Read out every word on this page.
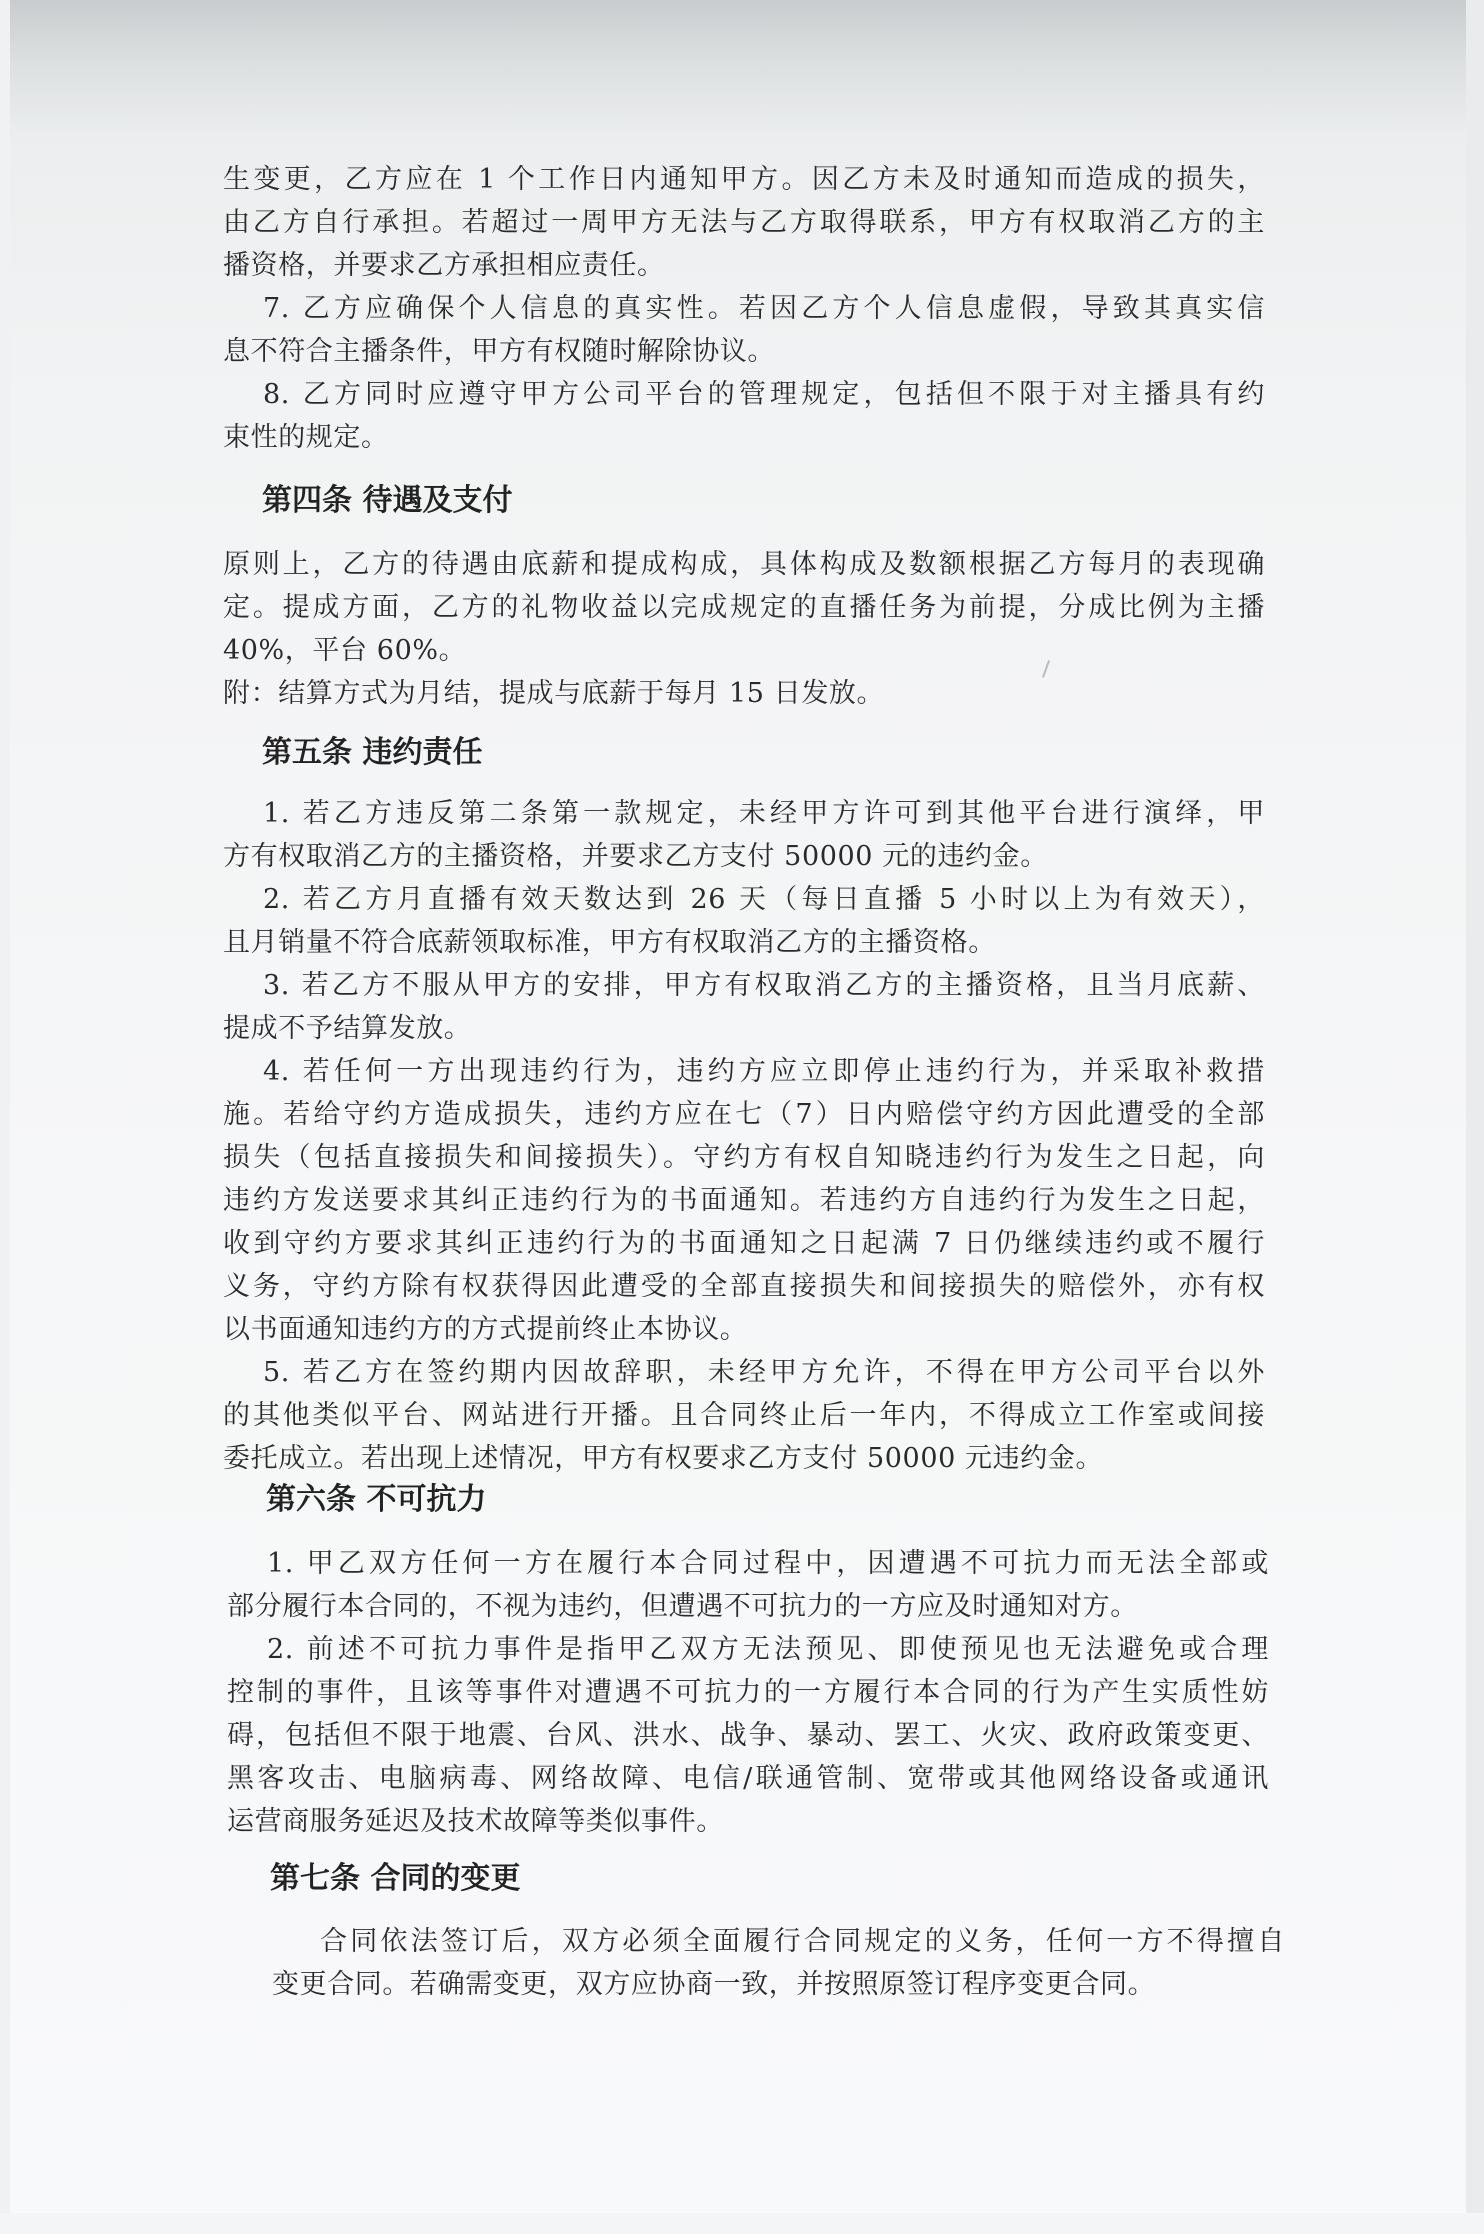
生变更，乙方应在 1 个工作日内通知甲方。因乙方未及时通知而造成的损失，
由乙方自行承担。若超过一周甲方无法与乙方取得联系，甲方有权取消乙方的主
播资格，并要求乙方承担相应责任。
7. 乙方应确保个人信息的真实性。若因乙方个人信息虚假，导致其真实信
息不符合主播条件，甲方有权随时解除协议。
8. 乙方同时应遵守甲方公司平台的管理规定，包括但不限于对主播具有约
束性的规定。
第四条 待遇及支付
原则上，乙方的待遇由底薪和提成构成，具体构成及数额根据乙方每月的表现确
定。提成方面，乙方的礼物收益以完成规定的直播任务为前提，分成比例为主播
40%，平台 60%。
附：结算方式为月结，提成与底薪于每月 15 日发放。
第五条 违约责任
1. 若乙方违反第二条第一款规定，未经甲方许可到其他平台进行演绎，甲
方有权取消乙方的主播资格，并要求乙方支付 50000 元的违约金。
2. 若乙方月直播有效天数达到 26 天（每日直播 5 小时以上为有效天），
且月销量不符合底薪领取标准，甲方有权取消乙方的主播资格。
3. 若乙方不服从甲方的安排，甲方有权取消乙方的主播资格，且当月底薪、
提成不予结算发放。
4. 若任何一方出现违约行为，违约方应立即停止违约行为，并采取补救措
施。若给守约方造成损失，违约方应在七（7）日内赔偿守约方因此遭受的全部
损失（包括直接损失和间接损失）。守约方有权自知晓违约行为发生之日起，向
违约方发送要求其纠正违约行为的书面通知。若违约方自违约行为发生之日起，
收到守约方要求其纠正违约行为的书面通知之日起满 7 日仍继续违约或不履行
义务，守约方除有权获得因此遭受的全部直接损失和间接损失的赔偿外，亦有权
以书面通知违约方的方式提前终止本协议。
5. 若乙方在签约期内因故辞职，未经甲方允许，不得在甲方公司平台以外
的其他类似平台、网站进行开播。且合同终止后一年内，不得成立工作室或间接
委托成立。若出现上述情况，甲方有权要求乙方支付 50000 元违约金。
第六条 不可抗力
1. 甲乙双方任何一方在履行本合同过程中，因遭遇不可抗力而无法全部或
部分履行本合同的，不视为违约，但遭遇不可抗力的一方应及时通知对方。
2. 前述不可抗力事件是指甲乙双方无法预见、即使预见也无法避免或合理
控制的事件，且该等事件对遭遇不可抗力的一方履行本合同的行为产生实质性妨
碍，包括但不限于地震、台风、洪水、战争、暴动、罢工、火灾、政府政策变更、
黑客攻击、电脑病毒、网络故障、电信/联通管制、宽带或其他网络设备或通讯
运营商服务延迟及技术故障等类似事件。
第七条 合同的变更
合同依法签订后，双方必须全面履行合同规定的义务，任何一方不得擅自
变更合同。若确需变更，双方应协商一致，并按照原签订程序变更合同。
